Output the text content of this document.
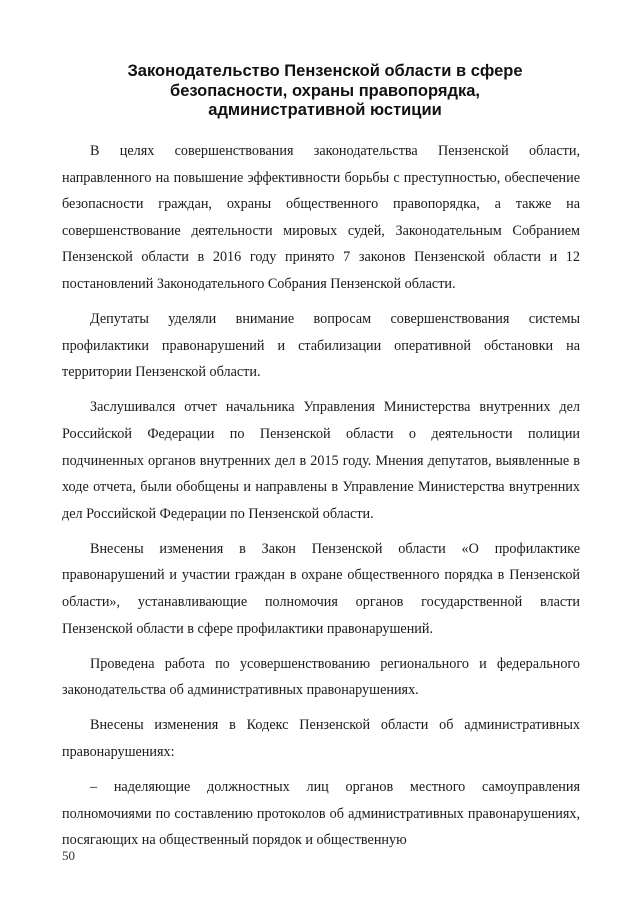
Законодательство Пензенской области в сфере безопасности, охраны правопорядка, административной юстиции

В целях совершенствования законодательства Пензенской области, направленного на повышение эффективности борьбы с преступностью, обеспечение безопасности граждан, охраны общественного правопорядка, а также на совершенствование деятельности мировых судей, Законодательным Собранием Пензенской области в 2016 году принято 7 законов Пензенской области и 12 постановлений Законодательного Собрания Пензенской области.

Депутаты уделяли внимание вопросам совершенствования системы профилактики правонарушений и стабилизации оперативной обстановки на территории Пензенской области.

Заслушивался отчет начальника Управления Министерства внутренних дел Российской Федерации по Пензенской области о деятельности полиции подчиненных органов внутренних дел в 2015 году. Мнения депутатов, выявленные в ходе отчета, были обобщены и направлены в Управление Министерства внутренних дел Российской Федерации по Пензенской области.

Внесены изменения в Закон Пензенской области «О профилактике правонарушений и участии граждан в охране общественного порядка в Пензенской области», устанавливающие полномочия органов государственной власти Пензенской области в сфере профилактики правонарушений.

Проведена работа по усовершенствованию регионального и федерального законодательства об административных правонарушениях.

Внесены изменения в Кодекс Пензенской области об административных правонарушениях:

– наделяющие должностных лиц органов местного самоуправления полномочиями по составлению протоколов об административных правонарушениях, посягающих на общественный порядок и общественную

50
